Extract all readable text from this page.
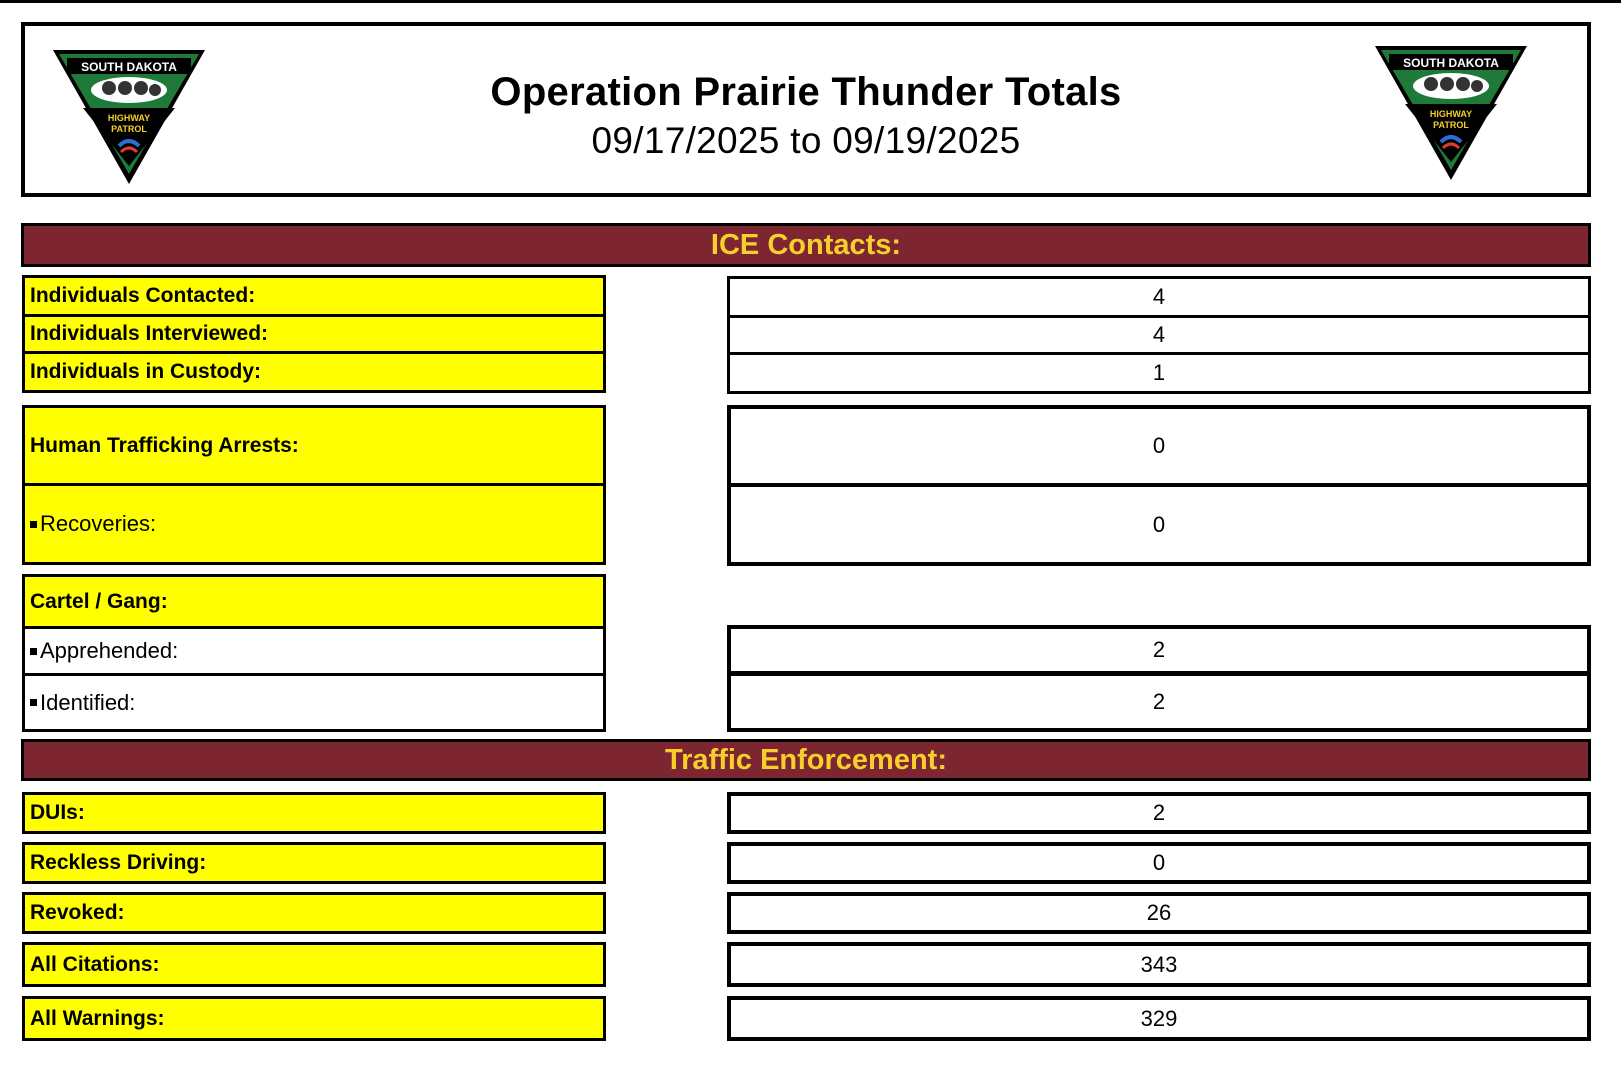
SOUTH DAKOTA
HIGHWAY
PATROL
Operation Prairie Thunder Totals
09/17/2025 to 09/19/2025
SOUTH DAKOTA
HIGHWAY
PATROL
ICE Contacts:
Individuals Contacted:
Individuals Interviewed:
Individuals in Custody:
4
4
1
Human Trafficking Arrests:
Recoveries:
0
0
Cartel / Gang:
Apprehended:
Identified:
2
2
Traffic Enforcement:
DUIs:
Reckless Driving:
Revoked:
All Citations:
All Warnings:
2
0
26
343
329
